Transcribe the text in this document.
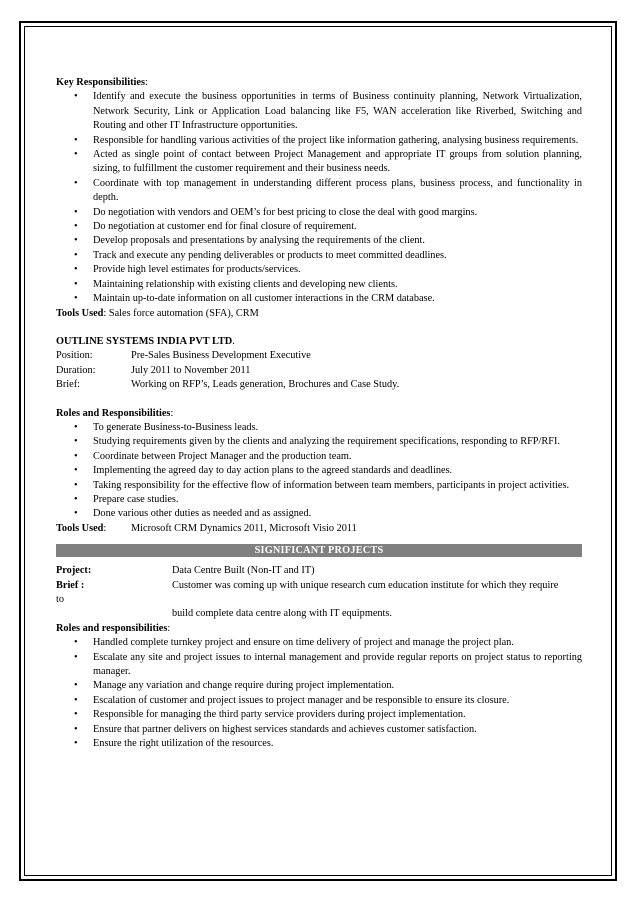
Key Responsibilities:
• Identify and execute the business opportunities in terms of Business continuity planning, Network Virtualization, Network Security, Link or Application Load balancing like F5, WAN acceleration like Riverbed, Switching and Routing and other IT Infrastructure opportunities.
• Responsible for handling various activities of the project like information gathering, analysing business requirements.
• Acted as single point of contact between Project Management and appropriate IT groups from solution planning, sizing, to fulfillment the customer requirement and their business needs.
• Coordinate with top management in understanding different process plans, business process, and functionality in depth.
• Do negotiation with vendors and OEM’s for best pricing to close the deal with good margins.
• Do negotiation at customer end for final closure of requirement.
• Develop proposals and presentations by analysing the requirements of the client.
• Track and execute any pending deliverables or products to meet committed deadlines.
• Provide high level estimates for products/services.
• Maintaining relationship with existing clients and developing new clients.
• Maintain up-to-date information on all customer interactions in the CRM database.
Tools Used: Sales force automation (SFA), CRM
OUTLINE SYSTEMS INDIA PVT LTD.
Position:	Pre-Sales Business Development Executive
Duration:	July 2011 to November 2011
Brief:	Working on RFP’s, Leads generation, Brochures and Case Study.
Roles and Responsibilities:
• To generate Business-to-Business leads.
• Studying requirements given by the clients and analyzing the requirement specifications, responding to RFP/RFI.
• Coordinate between Project Manager and the production team.
• Implementing the agreed day to day action plans to the agreed standards and deadlines.
• Taking responsibility for the effective flow of information between team members, participants in project activities.
• Prepare case studies.
• Done various other duties as needed and as assigned.
Tools Used:	Microsoft CRM Dynamics 2011, Microsoft Visio 2011
SIGNIFICANT PROJECTS
Project:	Data Centre Built (Non-IT and IT)
Brief :	Customer was coming up with unique research cum education institute for which they require
to
build complete data centre along with IT equipments.
Roles and responsibilities:
• Handled complete turnkey project and ensure on time delivery of project and manage the project plan.
• Escalate any site and project issues to internal management and provide regular reports on project status to reporting manager.
• Manage any variation and change require during project implementation.
• Escalation of customer and project issues to project manager and be responsible to ensure its closure.
• Responsible for managing the third party service providers during project implementation.
• Ensure that partner delivers on highest services standards and achieves customer satisfaction.
• Ensure the right utilization of the resources.
